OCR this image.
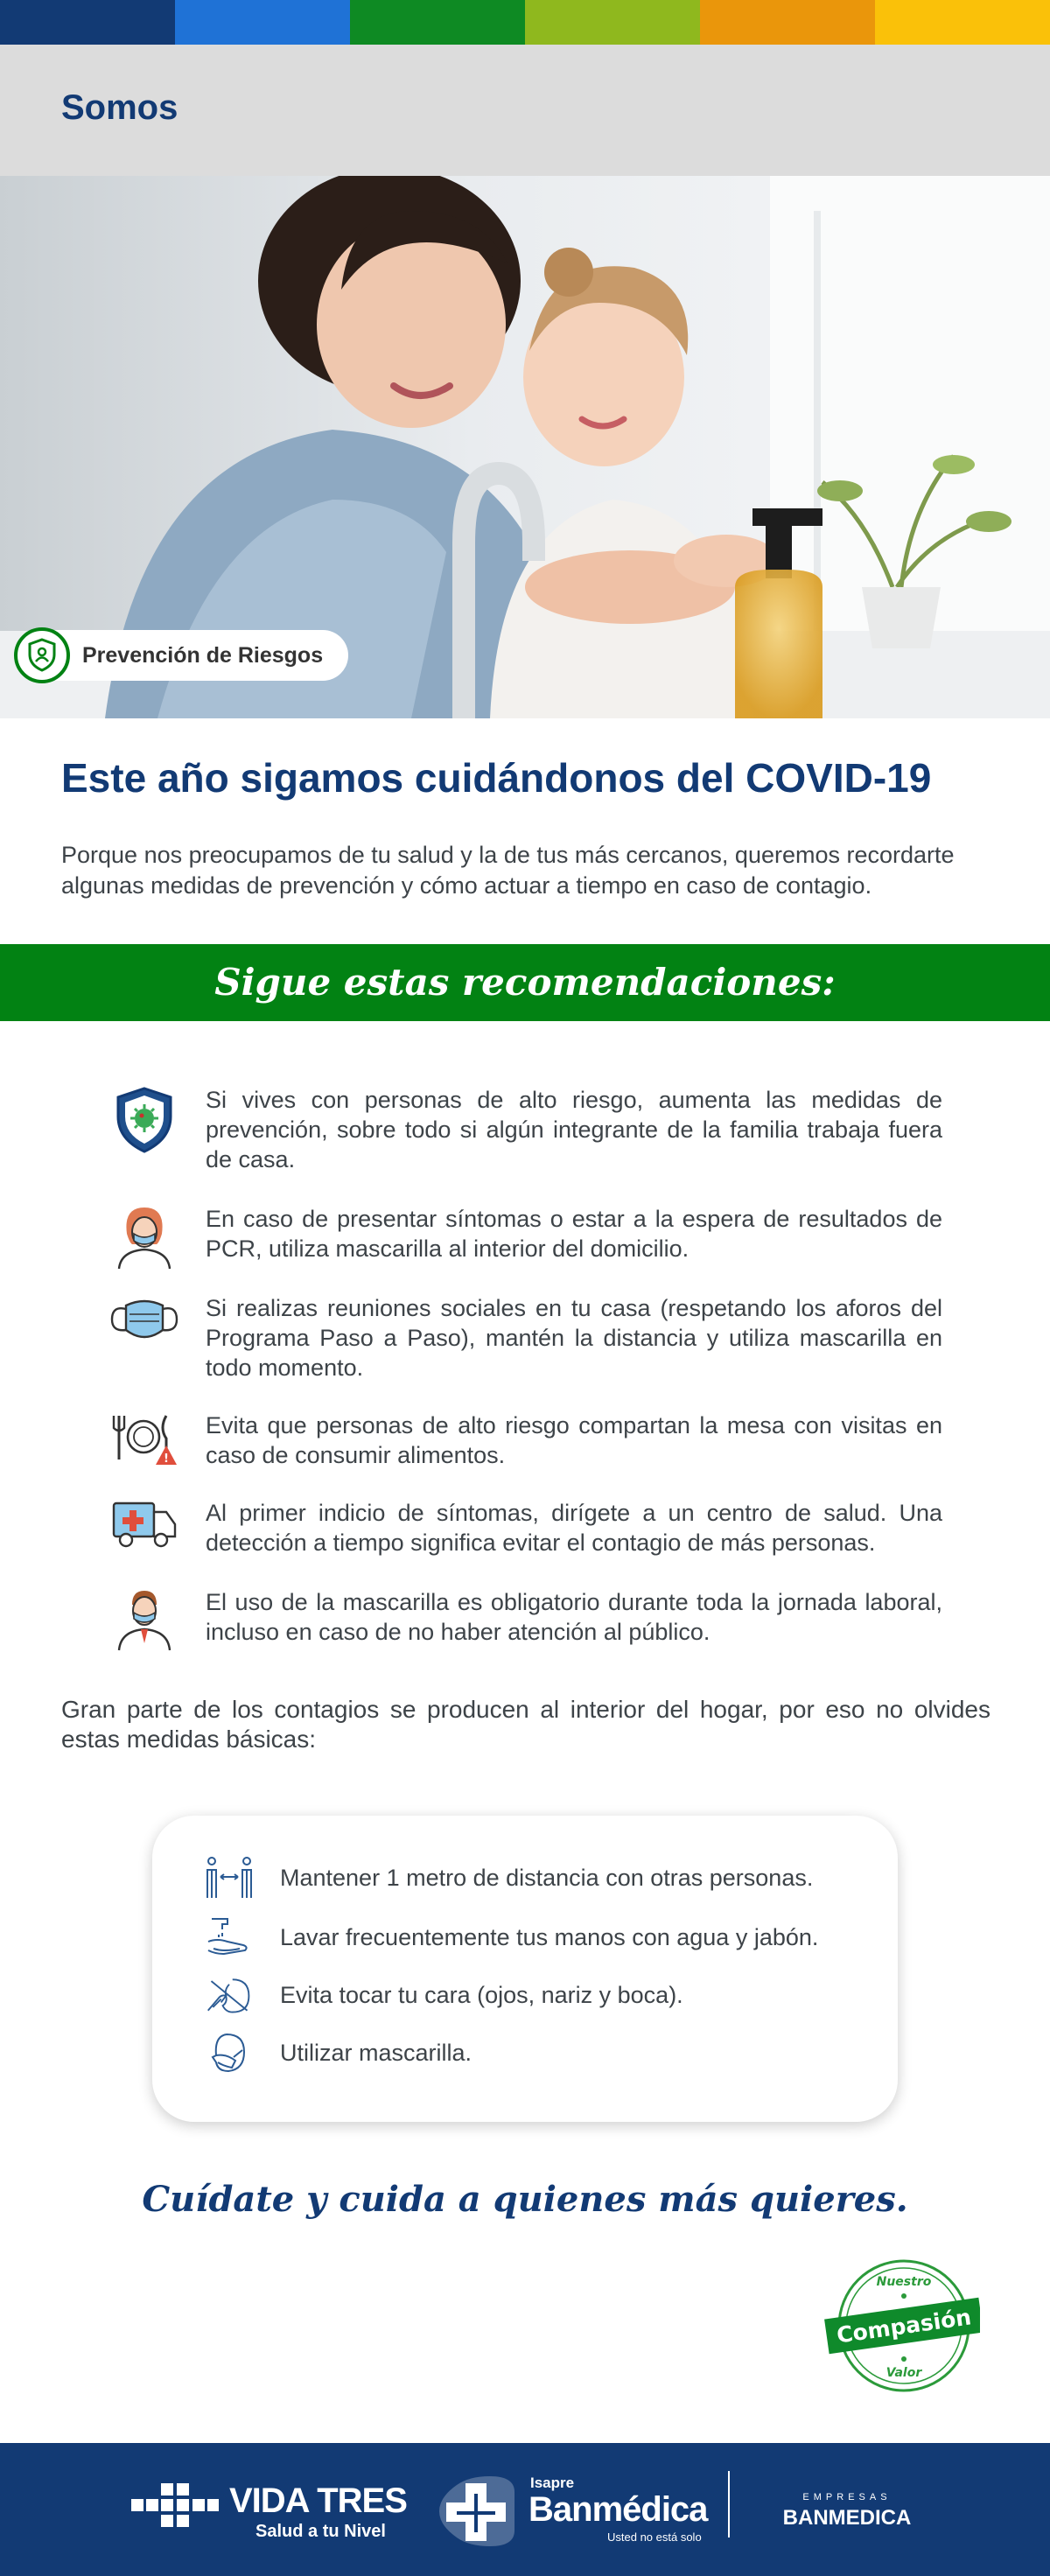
Somos
Prevención de Riesgos
Este año sigamos cuidándonos del COVID-19

Porque nos preocupamos de tu salud y la de tus más cercanos, queremos recordarte algunas medidas de prevención y cómo actuar a tiempo en caso de contagio.

Sigue estas recomendaciones:

Si vives con personas de alto riesgo, aumenta las medidas de prevención, sobre todo si algún integrante de la familia trabaja fuera de casa.

En caso de presentar síntomas o estar a la espera de resultados de PCR, utiliza mascarilla al interior del domicilio.

Si realizas reuniones sociales en tu casa (respetando los aforos del Programa Paso a Paso), mantén la distancia y utiliza mascarilla en todo momento.

!

Evita que personas de alto riesgo compartan la mesa con visitas en caso de consumir alimentos.

Al primer indicio de síntomas, dirígete a un centro de salud. Una detección a tiempo significa evitar el contagio de más personas.

El uso de la mascarilla es obligatorio durante toda la jornada laboral, incluso en caso de no haber atención al público.

Gran parte de los contagios se producen al interior del hogar, por eso no olvides estas medidas básicas:

Mantener 1 metro de distancia con otras personas.
Lavar frecuentemente tus manos con agua y jabón.
Evita tocar tu cara (ojos, nariz y boca).
Utilizar mascarilla.

Cuídate y cuida a quienes más quieres.

Nuestro
Valor
Compasión

VIDA TRES

Salud a tu Nivel

Isapre

Banmédica

Usted no está solo

EMPRESAS

BANMEDICA
